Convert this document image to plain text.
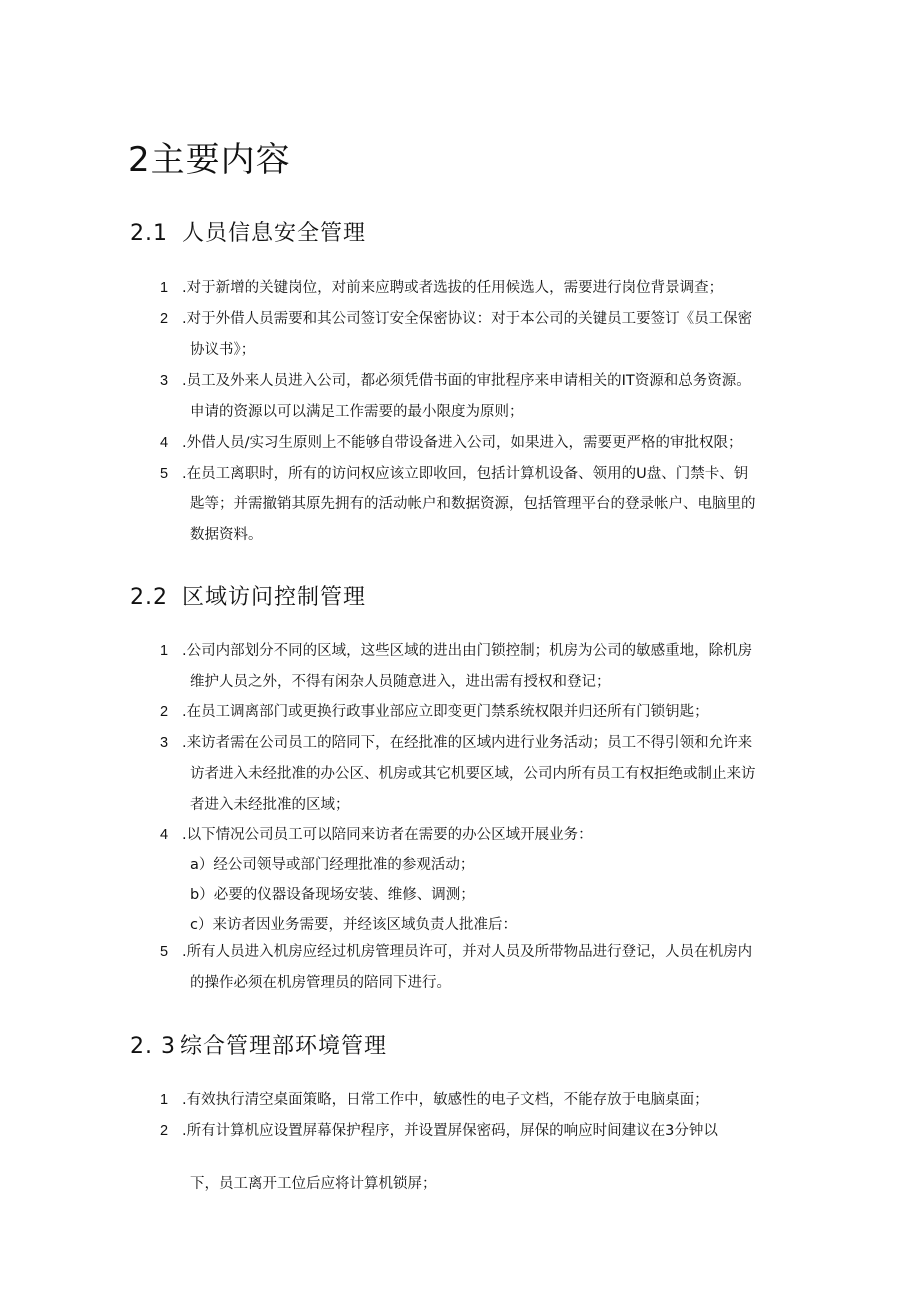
2主要内容
2.1 人员信息安全管理
1 .对于新增的关键岗位，对前来应聘或者选拔的任用候选人，需要进行岗位背景调查；
2 .对于外借人员需要和其公司签订安全保密协议：对于本公司的关键员工要签订《员工保密
协议书》；
3 .员工及外来人员进入公司，都必须凭借书面的审批程序来申请相关的IT资源和总务资源。
申请的资源以可以满足工作需要的最小限度为原则；
4 .外借人员/实习生原则上不能够自带设备进入公司，如果进入，需要更严格的审批权限；
5 .在员工离职时，所有的访问权应该立即收回，包括计算机设备、领用的U盘、门禁卡、钥
匙等；并需撤销其原先拥有的活动帐户和数据资源，包括管理平台的登录帐户、电脑里的
数据资料。
2.2 区域访问控制管理
1 .公司内部划分不同的区域，这些区域的进出由门锁控制；机房为公司的敏感重地，除机房
维护人员之外，不得有闲杂人员随意进入，进出需有授权和登记；
2 .在员工调离部门或更换行政事业部应立即变更门禁系统权限并归还所有门锁钥匙；
3 .来访者需在公司员工的陪同下，在经批准的区域内进行业务活动；员工不得引领和允许来
访者进入未经批准的办公区、机房或其它机要区域，公司内所有员工有权拒绝或制止来访
者进入未经批准的区域；
4 .以下情况公司员工可以陪同来访者在需要的办公区域开展业务：
a）经公司领导或部门经理批准的参观活动；
b）必要的仪器设备现场安装、维修、调测；
c）来访者因业务需要，并经该区域负责人批准后：
5 .所有人员进入机房应经过机房管理员许可，并对人员及所带物品进行登记，人员在机房内
的操作必须在机房管理员的陪同下进行。
2. 3 综合管理部环境管理
1 .有效执行清空桌面策略，日常工作中，敏感性的电子文档，不能存放于电脑桌面；
2 .所有计算机应设置屏幕保护程序，并设置屏保密码，屏保的响应时间建议在3分钟以
下，员工离开工位后应将计算机锁屏；
